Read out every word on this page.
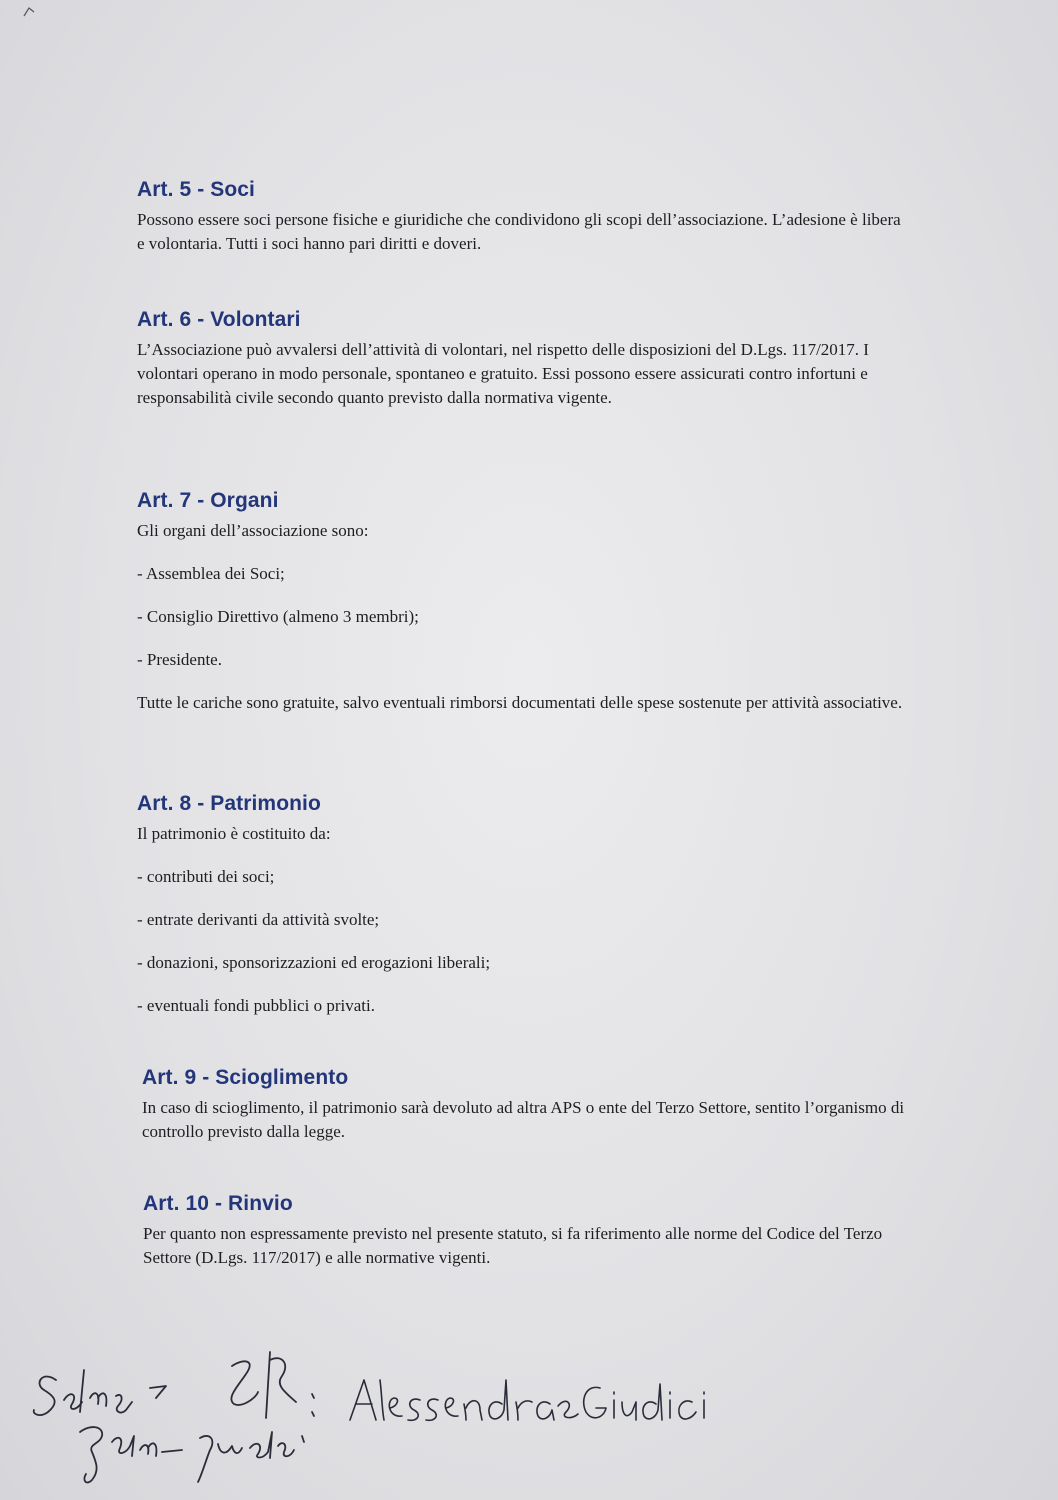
Art. 5 - Soci

Possono essere soci persone fisiche e giuridiche che condividono gli scopi dell’associazione. L’adesione è libera e volontaria. Tutti i soci hanno pari diritti e doveri.

Art. 6 - Volontari

L’Associazione può avvalersi dell’attività di volontari, nel rispetto delle disposizioni del D.Lgs. 117/2017. I volontari operano in modo personale, spontaneo e gratuito. Essi possono essere assicurati contro infortuni e responsabilità civile secondo quanto previsto dalla normativa vigente.

Art. 7 - Organi

Gli organi dell’associazione sono:

- Assemblea dei Soci;

- Consiglio Direttivo (almeno 3 membri);

- Presidente.

Tutte le cariche sono gratuite, salvo eventuali rimborsi documentati delle spese sostenute per attività associative.

Art. 8 - Patrimonio

Il patrimonio è costituito da:

- contributi dei soci;

- entrate derivanti da attività svolte;

- donazioni, sponsorizzazioni ed erogazioni liberali;

- eventuali fondi pubblici o privati.

Art. 9 - Scioglimento

In caso di scioglimento, il patrimonio sarà devoluto ad altra APS o ente del Terzo Settore, sentito l’organismo di controllo previsto dalla legge.

Art. 10 - Rinvio

Per quanto non espressamente previsto nel presente statuto, si fa riferimento alle norme del Codice del Terzo Settore (D.Lgs. 117/2017) e alle normative vigenti.
